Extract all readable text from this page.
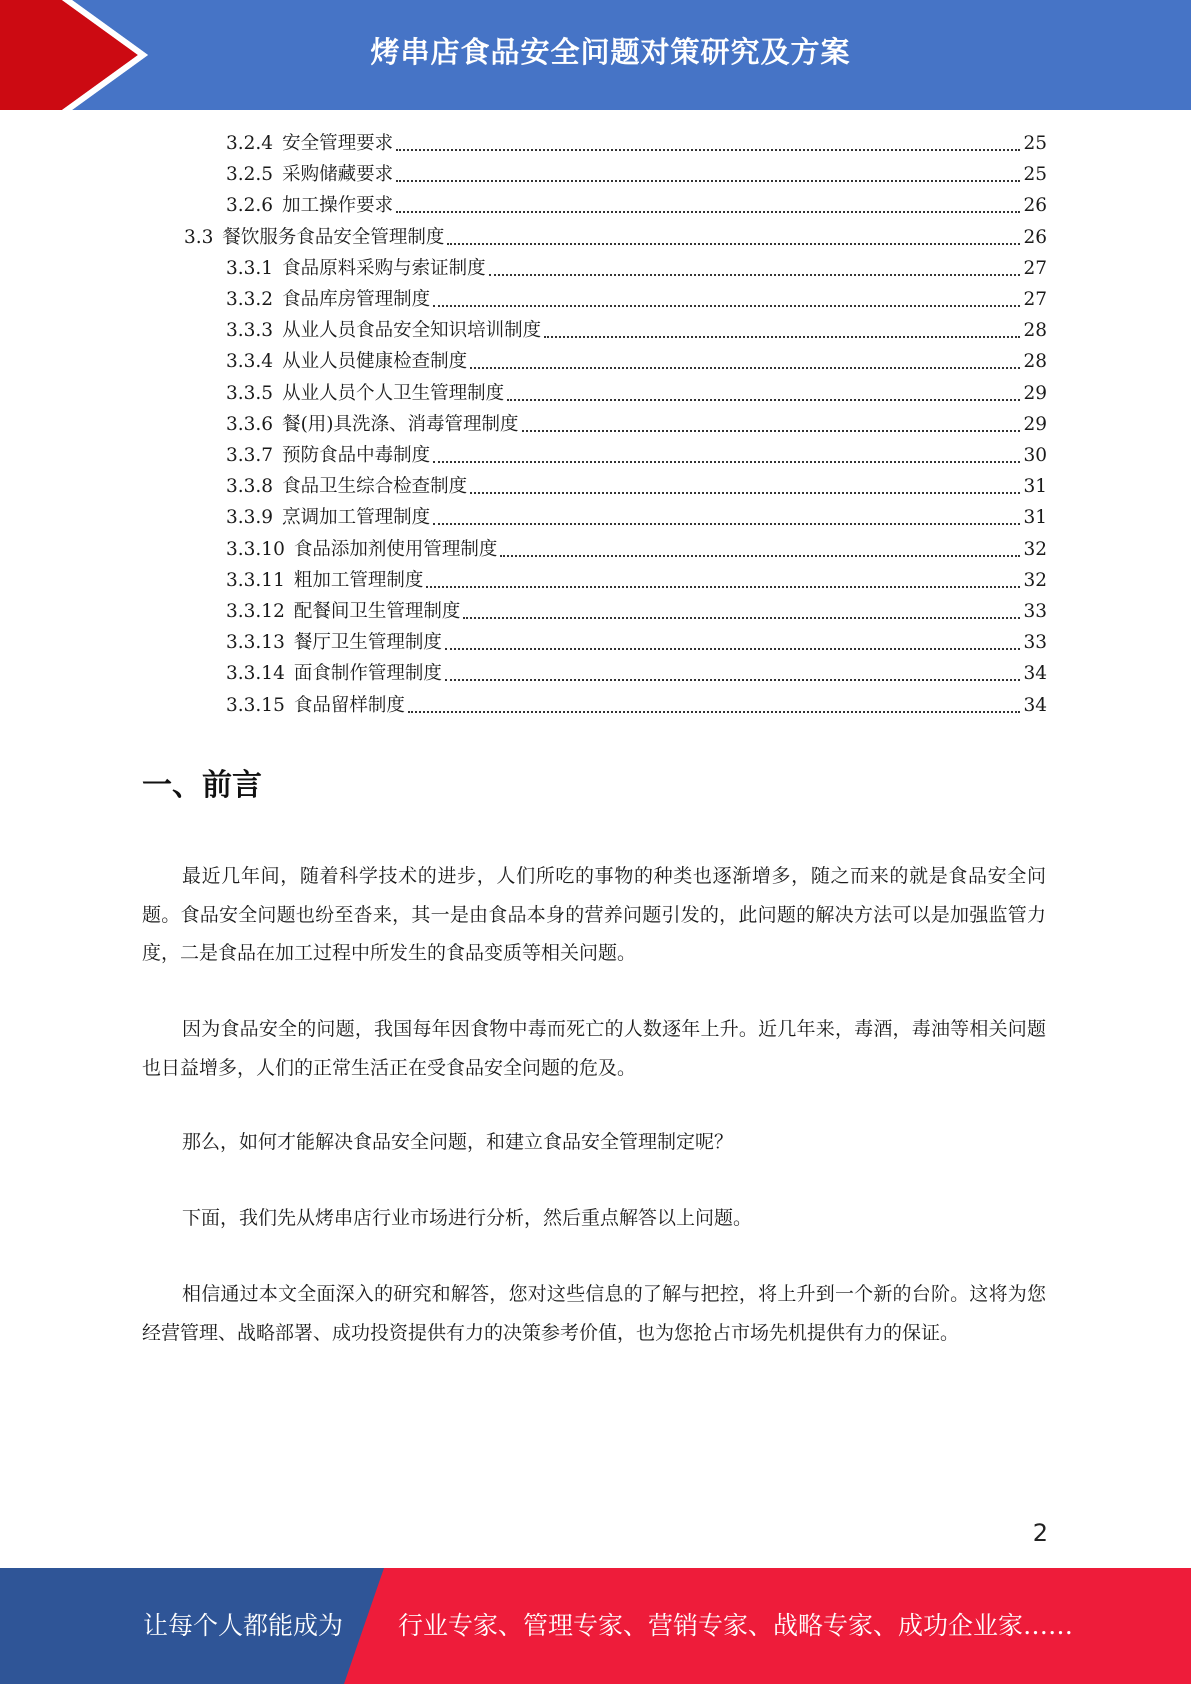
烤串店食品安全问题对策研究及方案
3.2.4 安全管理要求	25
3.2.5 采购储藏要求	25
3.2.6 加工操作要求	26
3.3 餐饮服务食品安全管理制度	26
3.3.1 食品原料采购与索证制度	27
3.3.2 食品库房管理制度	27
3.3.3 从业人员食品安全知识培训制度	28
3.3.4 从业人员健康检查制度	28
3.3.5 从业人员个人卫生管理制度	29
3.3.6 餐(用)具洗涤、消毒管理制度	29
3.3.7 预防食品中毒制度	30
3.3.8 食品卫生综合检查制度	31
3.3.9 烹调加工管理制度	31
3.3.10 食品添加剂使用管理制度	32
3.3.11 粗加工管理制度	32
3.3.12 配餐间卫生管理制度	33
3.3.13 餐厅卫生管理制度	33
3.3.14 面食制作管理制度	34
3.3.15 食品留样制度	34
一、前言

最近几年间，随着科学技术的进步，人们所吃的事物的种类也逐渐增多，随之而来的就是食品安全问题。食品安全问题也纷至沓来，其一是由食品本身的营养问题引发的，此问题的解决方法可以是加强监管力度，二是食品在加工过程中所发生的食品变质等相关问题。

因为食品安全的问题，我国每年因食物中毒而死亡的人数逐年上升。近几年来，毒酒，毒油等相关问题也日益增多，人们的正常生活正在受食品安全问题的危及。

那么，如何才能解决食品安全问题，和建立食品安全管理制定呢？

下面，我们先从烤串店行业市场进行分析，然后重点解答以上问题。

相信通过本文全面深入的研究和解答，您对这些信息的了解与把控，将上升到一个新的台阶。这将为您经营管理、战略部署、成功投资提供有力的决策参考价值，也为您抢占市场先机提供有力的保证。

2
让每个人都能成为 行业专家、管理专家、营销专家、战略专家、成功企业家……
